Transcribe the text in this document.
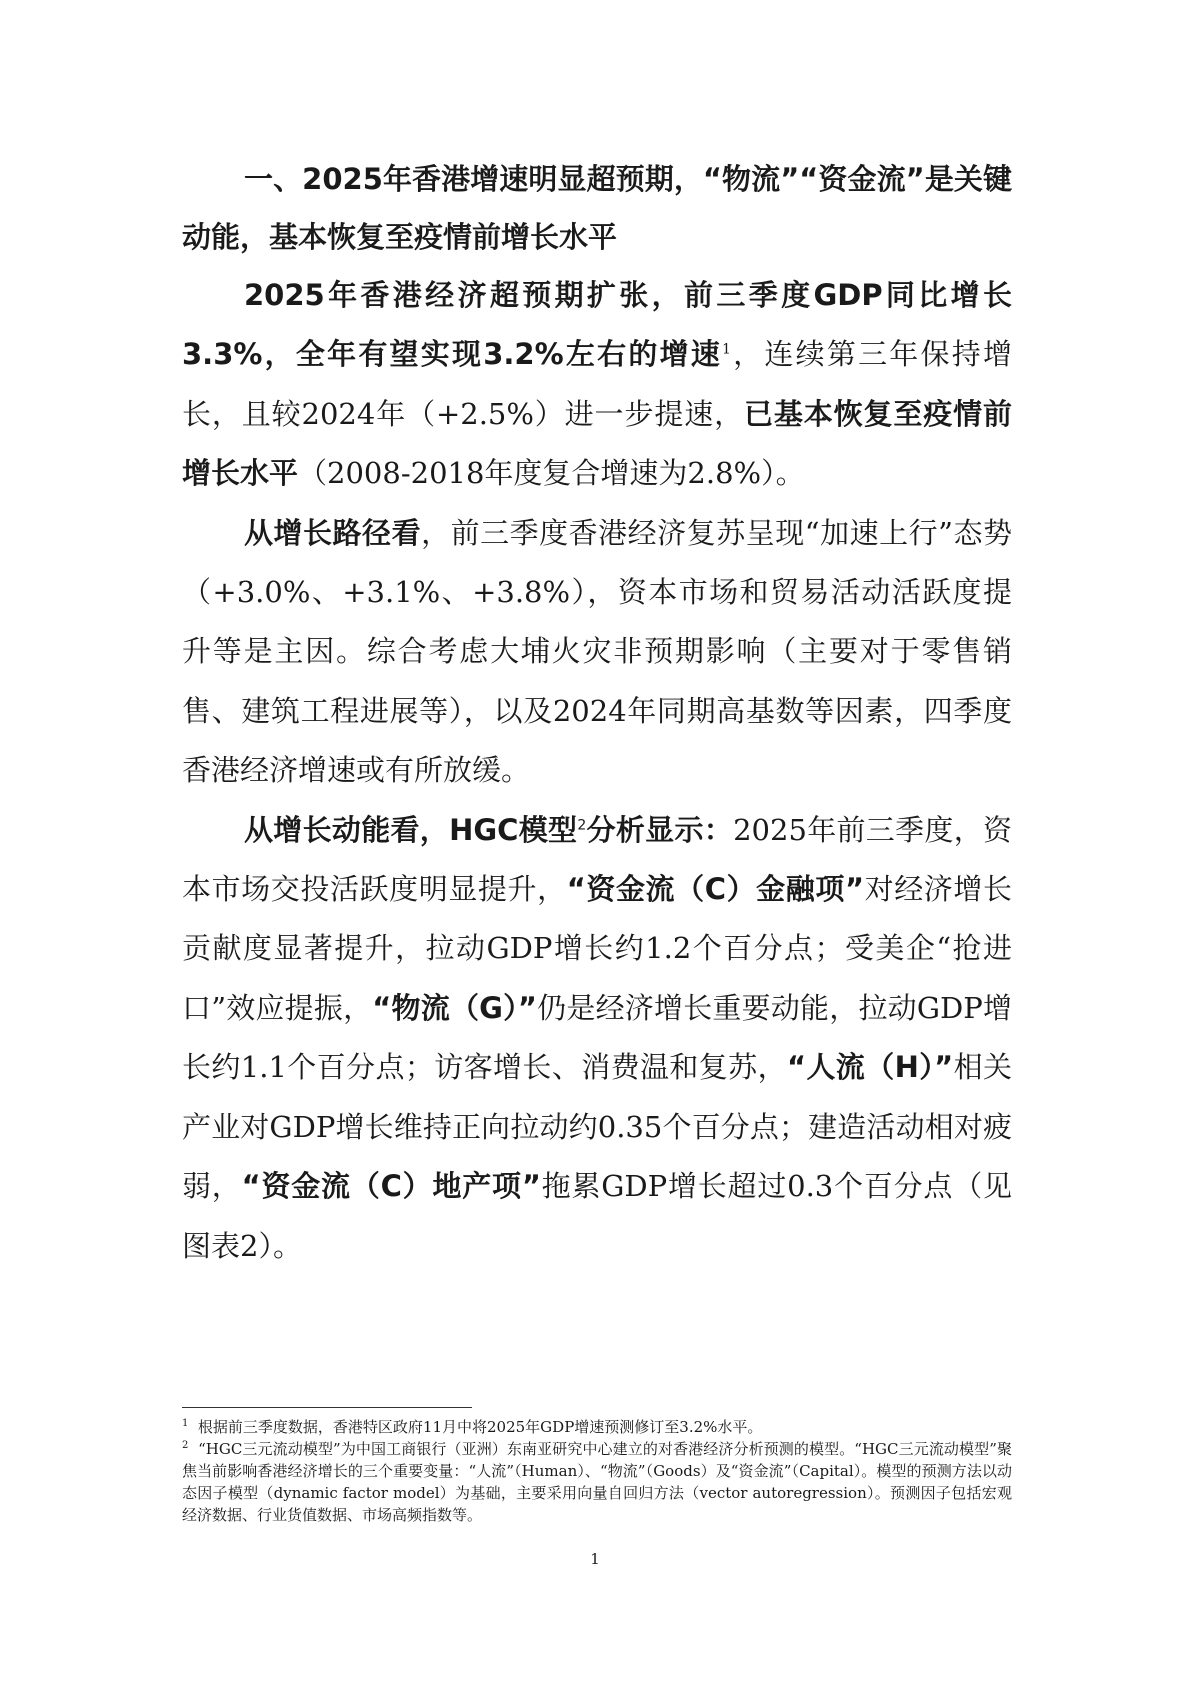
一、2025年香港增速明显超预期，“物流”“资金流”是关键动能，基本恢复至疫情前增长水平

2025年香港经济超预期扩张，前三季度GDP同比增长3.3%，全年有望实现3.2%左右的增速$^1$，连续第三年保持增长，且较2024年（+2.5%）进一步提速，已基本恢复至疫情前增长水平（2008-2018年度复合增速为2.8%）。

从增长路径看，前三季度香港经济复苏呈现“加速上行”态势（+3.0%、+3.1%、+3.8%），资本市场和贸易活动活跃度提升等是主因。综合考虑大埔火灾非预期影响（主要对于零售销售、建筑工程进展等），以及2024年同期高基数等因素，四季度香港经济增速或有所放缓。

从增长动能看，HGC模型$^2$分析显示：2025年前三季度，资本市场交投活跃度明显提升，“资金流（C）金融项”对经济增长贡献度显著提升，拉动GDP增长约1.2个百分点；受美企“抢进口”效应提振，“物流（G）”仍是经济增长重要动能，拉动GDP增长约1.1个百分点；访客增长、消费温和复苏，“人流（H）”相关产业对GDP增长维持正向拉动约0.35个百分点；建造活动相对疲弱，“资金流（C）地产项”拖累GDP增长超过0.3个百分点（见图表2）。

$^1$ 根据前三季度数据，香港特区政府11月中将2025年GDP增速预测修订至3.2%水平。

$^2$ “HGC三元流动模型”为中国工商银行（亚洲）东南亚研究中心建立的对香港经济分析预测的模型。“HGC三元流动模型”聚焦当前影响香港经济增长的三个重要变量：“人流”（Human）、“物流”（Goods）及“资金流”（Capital）。模型的预测方法以动态因子模型（dynamic factor model）为基础，主要采用向量自回归方法（vector autoregression）。预测因子包括宏观经济数据、行业货值数据、市场高频指数等。

1
